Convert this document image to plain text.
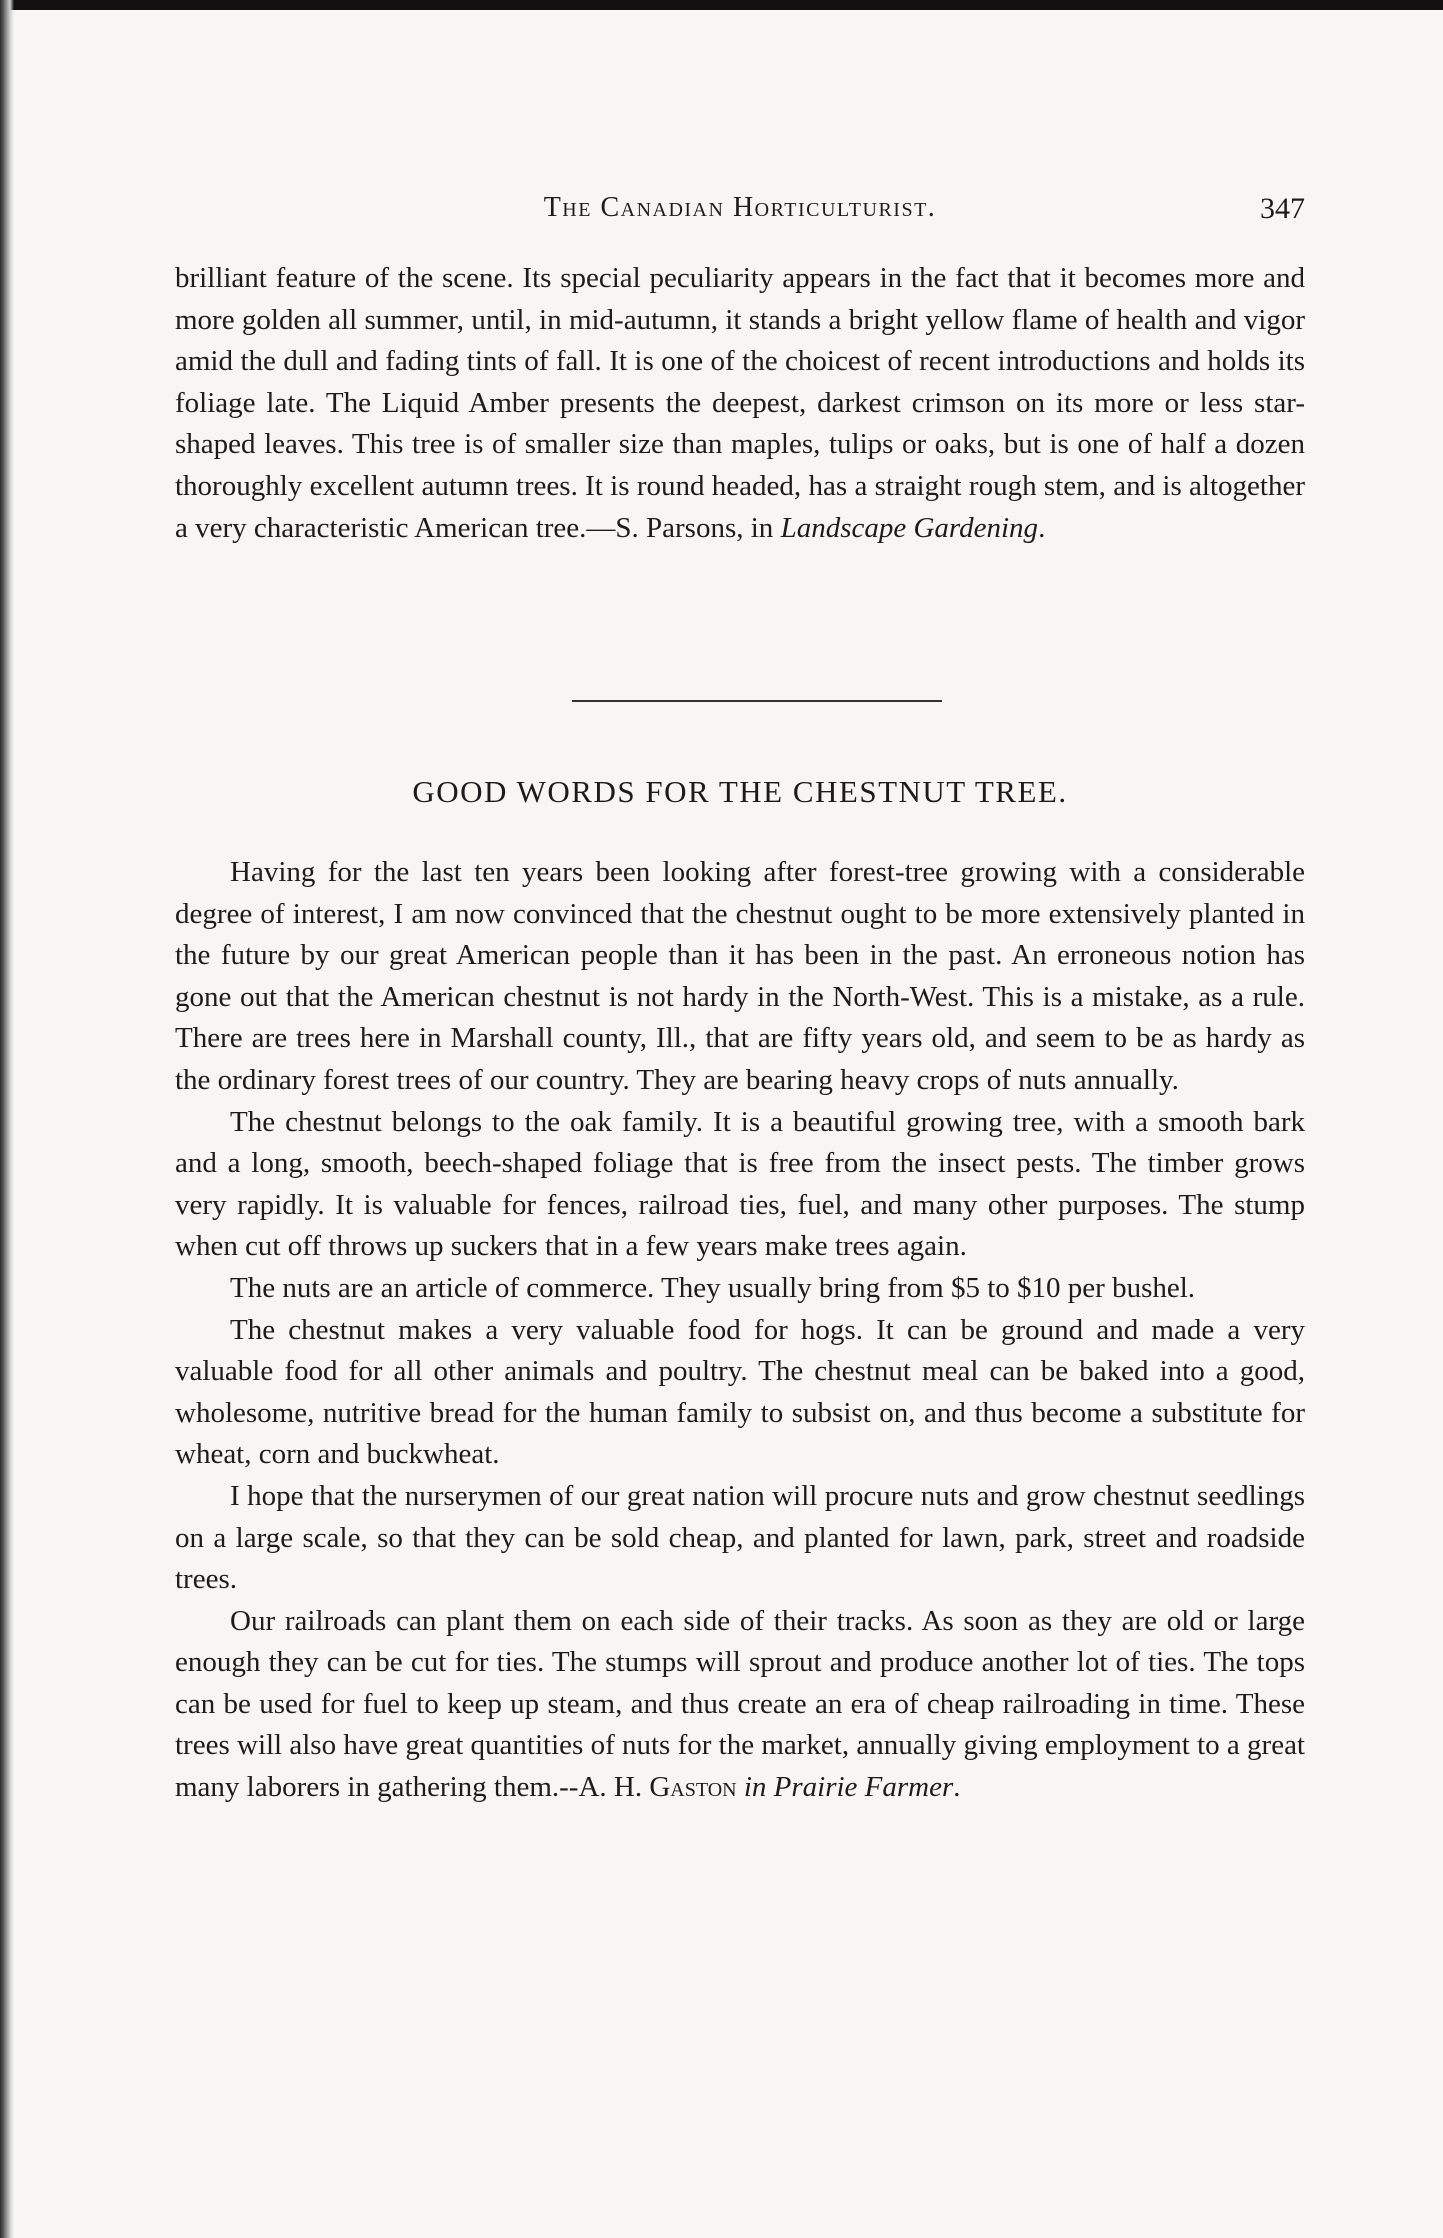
The Canadian Horticulturist.	347

brilliant feature of the scene. Its special peculiarity appears in the fact that it becomes more and more golden all summer, until, in mid-autumn, it stands a bright yellow flame of health and vigor amid the dull and fading tints of fall. It is one of the choicest of recent introductions and holds its foliage late. The Liquid Amber presents the deepest, darkest crimson on its more or less star-shaped leaves. This tree is of smaller size than maples, tulips or oaks, but is one of half a dozen thoroughly excellent autumn trees. It is round headed, has a straight rough stem, and is altogether a very characteristic American tree.—S. Parsons, in Landscape Gardening.

GOOD WORDS FOR THE CHESTNUT TREE.

Having for the last ten years been looking after forest-tree growing with a considerable degree of interest, I am now convinced that the chestnut ought to be more extensively planted in the future by our great American people than it has been in the past. An erroneous notion has gone out that the American chestnut is not hardy in the North-West. This is a mistake, as a rule. There are trees here in Marshall county, Ill., that are fifty years old, and seem to be as hardy as the ordinary forest trees of our country. They are bearing heavy crops of nuts annually.

The chestnut belongs to the oak family. It is a beautiful growing tree, with a smooth bark and a long, smooth, beech-shaped foliage that is free from the insect pests. The timber grows very rapidly. It is valuable for fences, railroad ties, fuel, and many other purposes. The stump when cut off throws up suckers that in a few years make trees again.

The nuts are an article of commerce. They usually bring from $5 to $10 per bushel.

The chestnut makes a very valuable food for hogs. It can be ground and made a very valuable food for all other animals and poultry. The chestnut meal can be baked into a good, wholesome, nutritive bread for the human family to subsist on, and thus become a substitute for wheat, corn and buckwheat.

I hope that the nurserymen of our great nation will procure nuts and grow chestnut seedlings on a large scale, so that they can be sold cheap, and planted for lawn, park, street and roadside trees.

Our railroads can plant them on each side of their tracks. As soon as they are old or large enough they can be cut for ties. The stumps will sprout and produce another lot of ties. The tops can be used for fuel to keep up steam, and thus create an era of cheap railroading in time. These trees will also have great quantities of nuts for the market, annually giving employment to a great many laborers in gathering them.--A. H. Gaston in Prairie Farmer.
